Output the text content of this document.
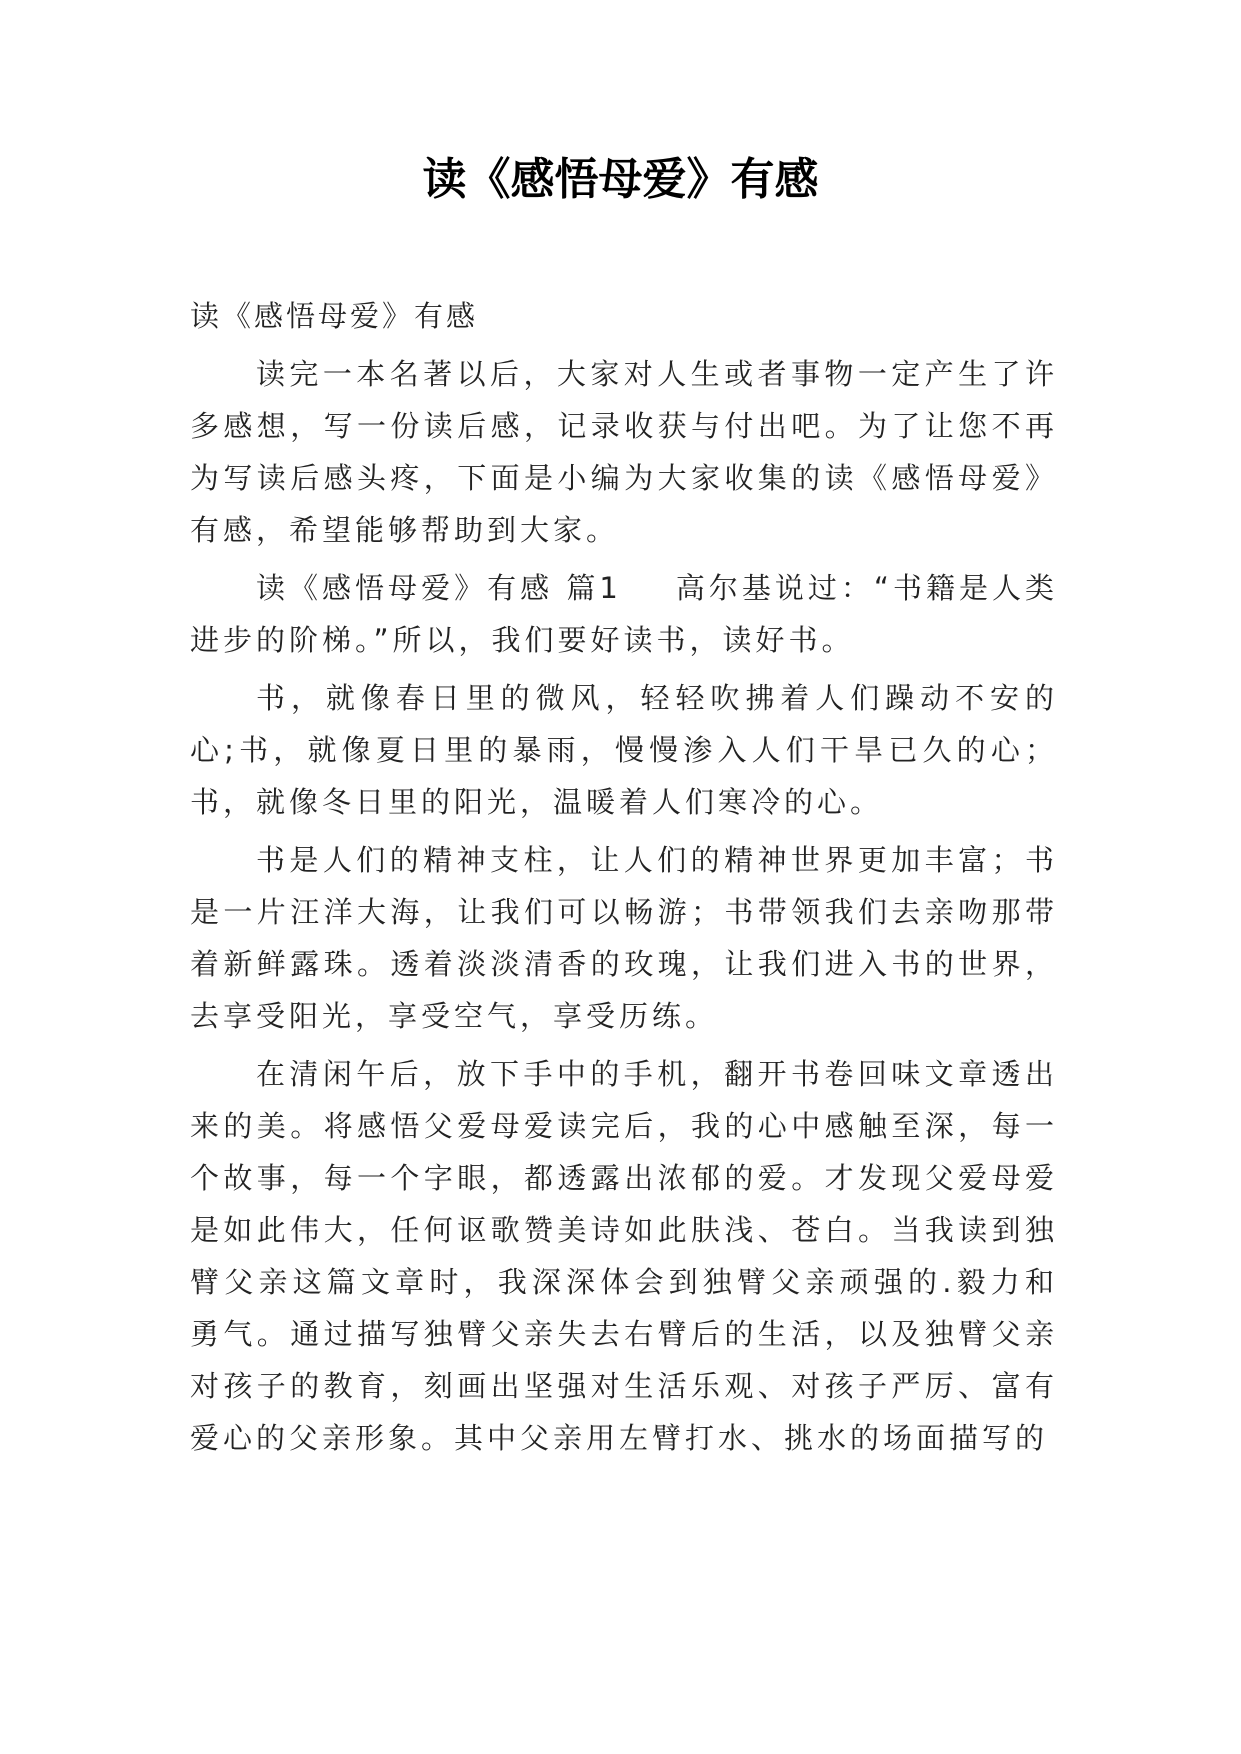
读《感悟母爱》有感

读《感悟母爱》有感

读完一本名著以后，大家对人生或者事物一定产生了许多感想，写一份读后感，记录收获与付出吧。为了让您不再为写读后感头疼，下面是小编为大家收集的读《感悟母爱》有感，希望能够帮助到大家。

读《感悟母爱》有感 篇1 高尔基说过：“书籍是人类进步的阶梯。”所以，我们要好读书，读好书。

书，就像春日里的微风，轻轻吹拂着人们躁动不安的心;书，就像夏日里的暴雨，慢慢渗入人们干旱已久的心；书，就像冬日里的阳光，温暖着人们寒冷的心。

书是人们的精神支柱，让人们的精神世界更加丰富；书是一片汪洋大海，让我们可以畅游；书带领我们去亲吻那带着新鲜露珠。透着淡淡清香的玫瑰，让我们进入书的世界，去享受阳光，享受空气，享受历练。

在清闲午后，放下手中的手机，翻开书卷回味文章透出来的美。将感悟父爱母爱读完后，我的心中感触至深，每一个故事，每一个字眼，都透露出浓郁的爱。才发现父爱母爱是如此伟大，任何讴歌赞美诗如此肤浅、苍白。当我读到独臂父亲这篇文章时，我深深体会到独臂父亲顽强的.毅力和勇气。通过描写独臂父亲失去右臂后的生活，以及独臂父亲对孩子的教育，刻画出坚强对生活乐观、对孩子严厉、富有爱心的父亲形象。其中父亲用左臂打水、挑水的场面描写的
